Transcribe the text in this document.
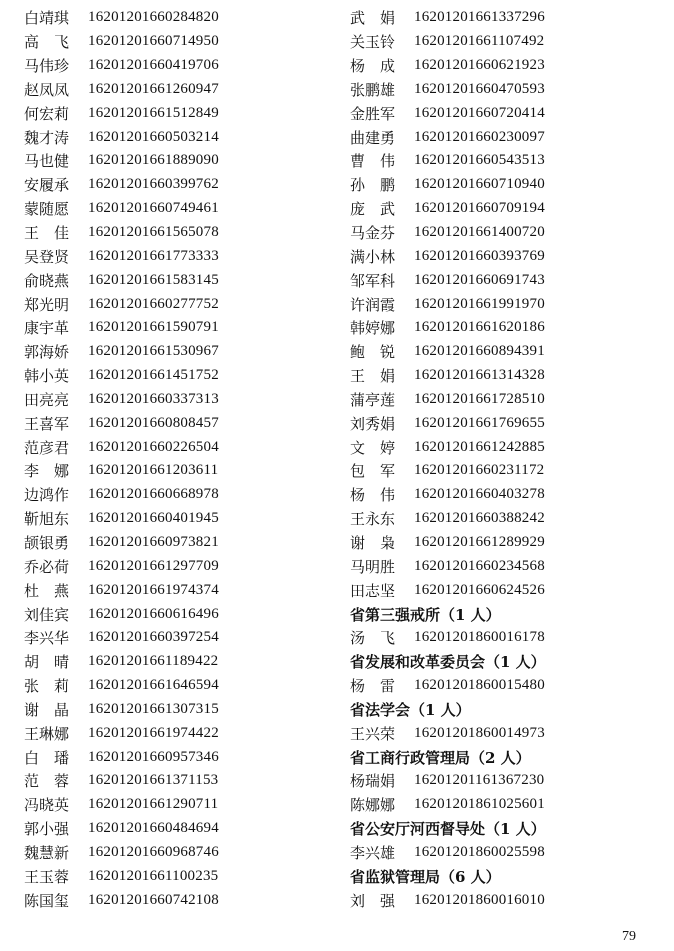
白靖琪	16201201660284820
高　飞	16201201660714950
马伟珍	16201201660419706
赵凤凤	16201201661260947
何宏莉	16201201661512849
魏才涛	16201201660503214
马也健	16201201661889090
安履承	16201201660399762
蒙随愿	16201201660749461
王　佳	16201201661565078
吴登贤	16201201661773333
俞晓燕	16201201661583145
郑光明	16201201660277752
康宇革	16201201661590791
郭海娇	16201201661530967
韩小英	16201201661451752
田亮亮	16201201660337313
王喜军	16201201660808457
范彦君	16201201660226504
李　娜	16201201661203611
边鸿作	16201201660668978
靳旭东	16201201660401945
颉银勇	16201201660973821
乔必荷	16201201661297709
杜　燕	16201201661974374
刘佳宾	16201201660616496
李兴华	16201201660397254
胡　晴	16201201661189422
张　莉	16201201661646594
谢　晶	16201201661307315
王琳娜	16201201661974422
白　璠	16201201660957346
范　蓉	16201201661371153
冯晓英	16201201661290711
郭小强	16201201660484694
魏慧新	16201201660968746
王玉蓉	16201201661100235
陈国玺	16201201660742108
武　娟	16201201661337296
关玉铃	16201201661107492
杨　成	16201201660621923
张鹏雄	16201201660470593
金胜军	16201201660720414
曲建勇	16201201660230097
曹　伟	16201201660543513
孙　鹏	16201201660710940
庞　武	16201201660709194
马金芬	16201201661400720
满小林	16201201660393769
邹军科	16201201660691743
许润霞	16201201661991970
韩婷娜	16201201661620186
鲍　锐	16201201660894391
王　娟	16201201661314328
蒲亭莲	16201201661728510
刘秀娟	16201201661769655
文　婷	16201201661242885
包　军	16201201660231172
杨　伟	16201201660403278
王永东	16201201660388242
谢　枭	16201201661289929
马明胜	16201201660234568
田志坚	16201201660624526
省第三强戒所（1 人）
汤　飞	16201201860016178
省发展和改革委员会（1 人）
杨　雷	16201201860015480
省法学会（1 人）
王兴荣	16201201860014973
省工商行政管理局（2 人）
杨瑞娟	16201201161367230
陈娜娜	16201201861025601
省公安厅河西督导处（1 人）
李兴雄	16201201860025598
省监狱管理局（6 人）
刘　强	16201201860016010
79
